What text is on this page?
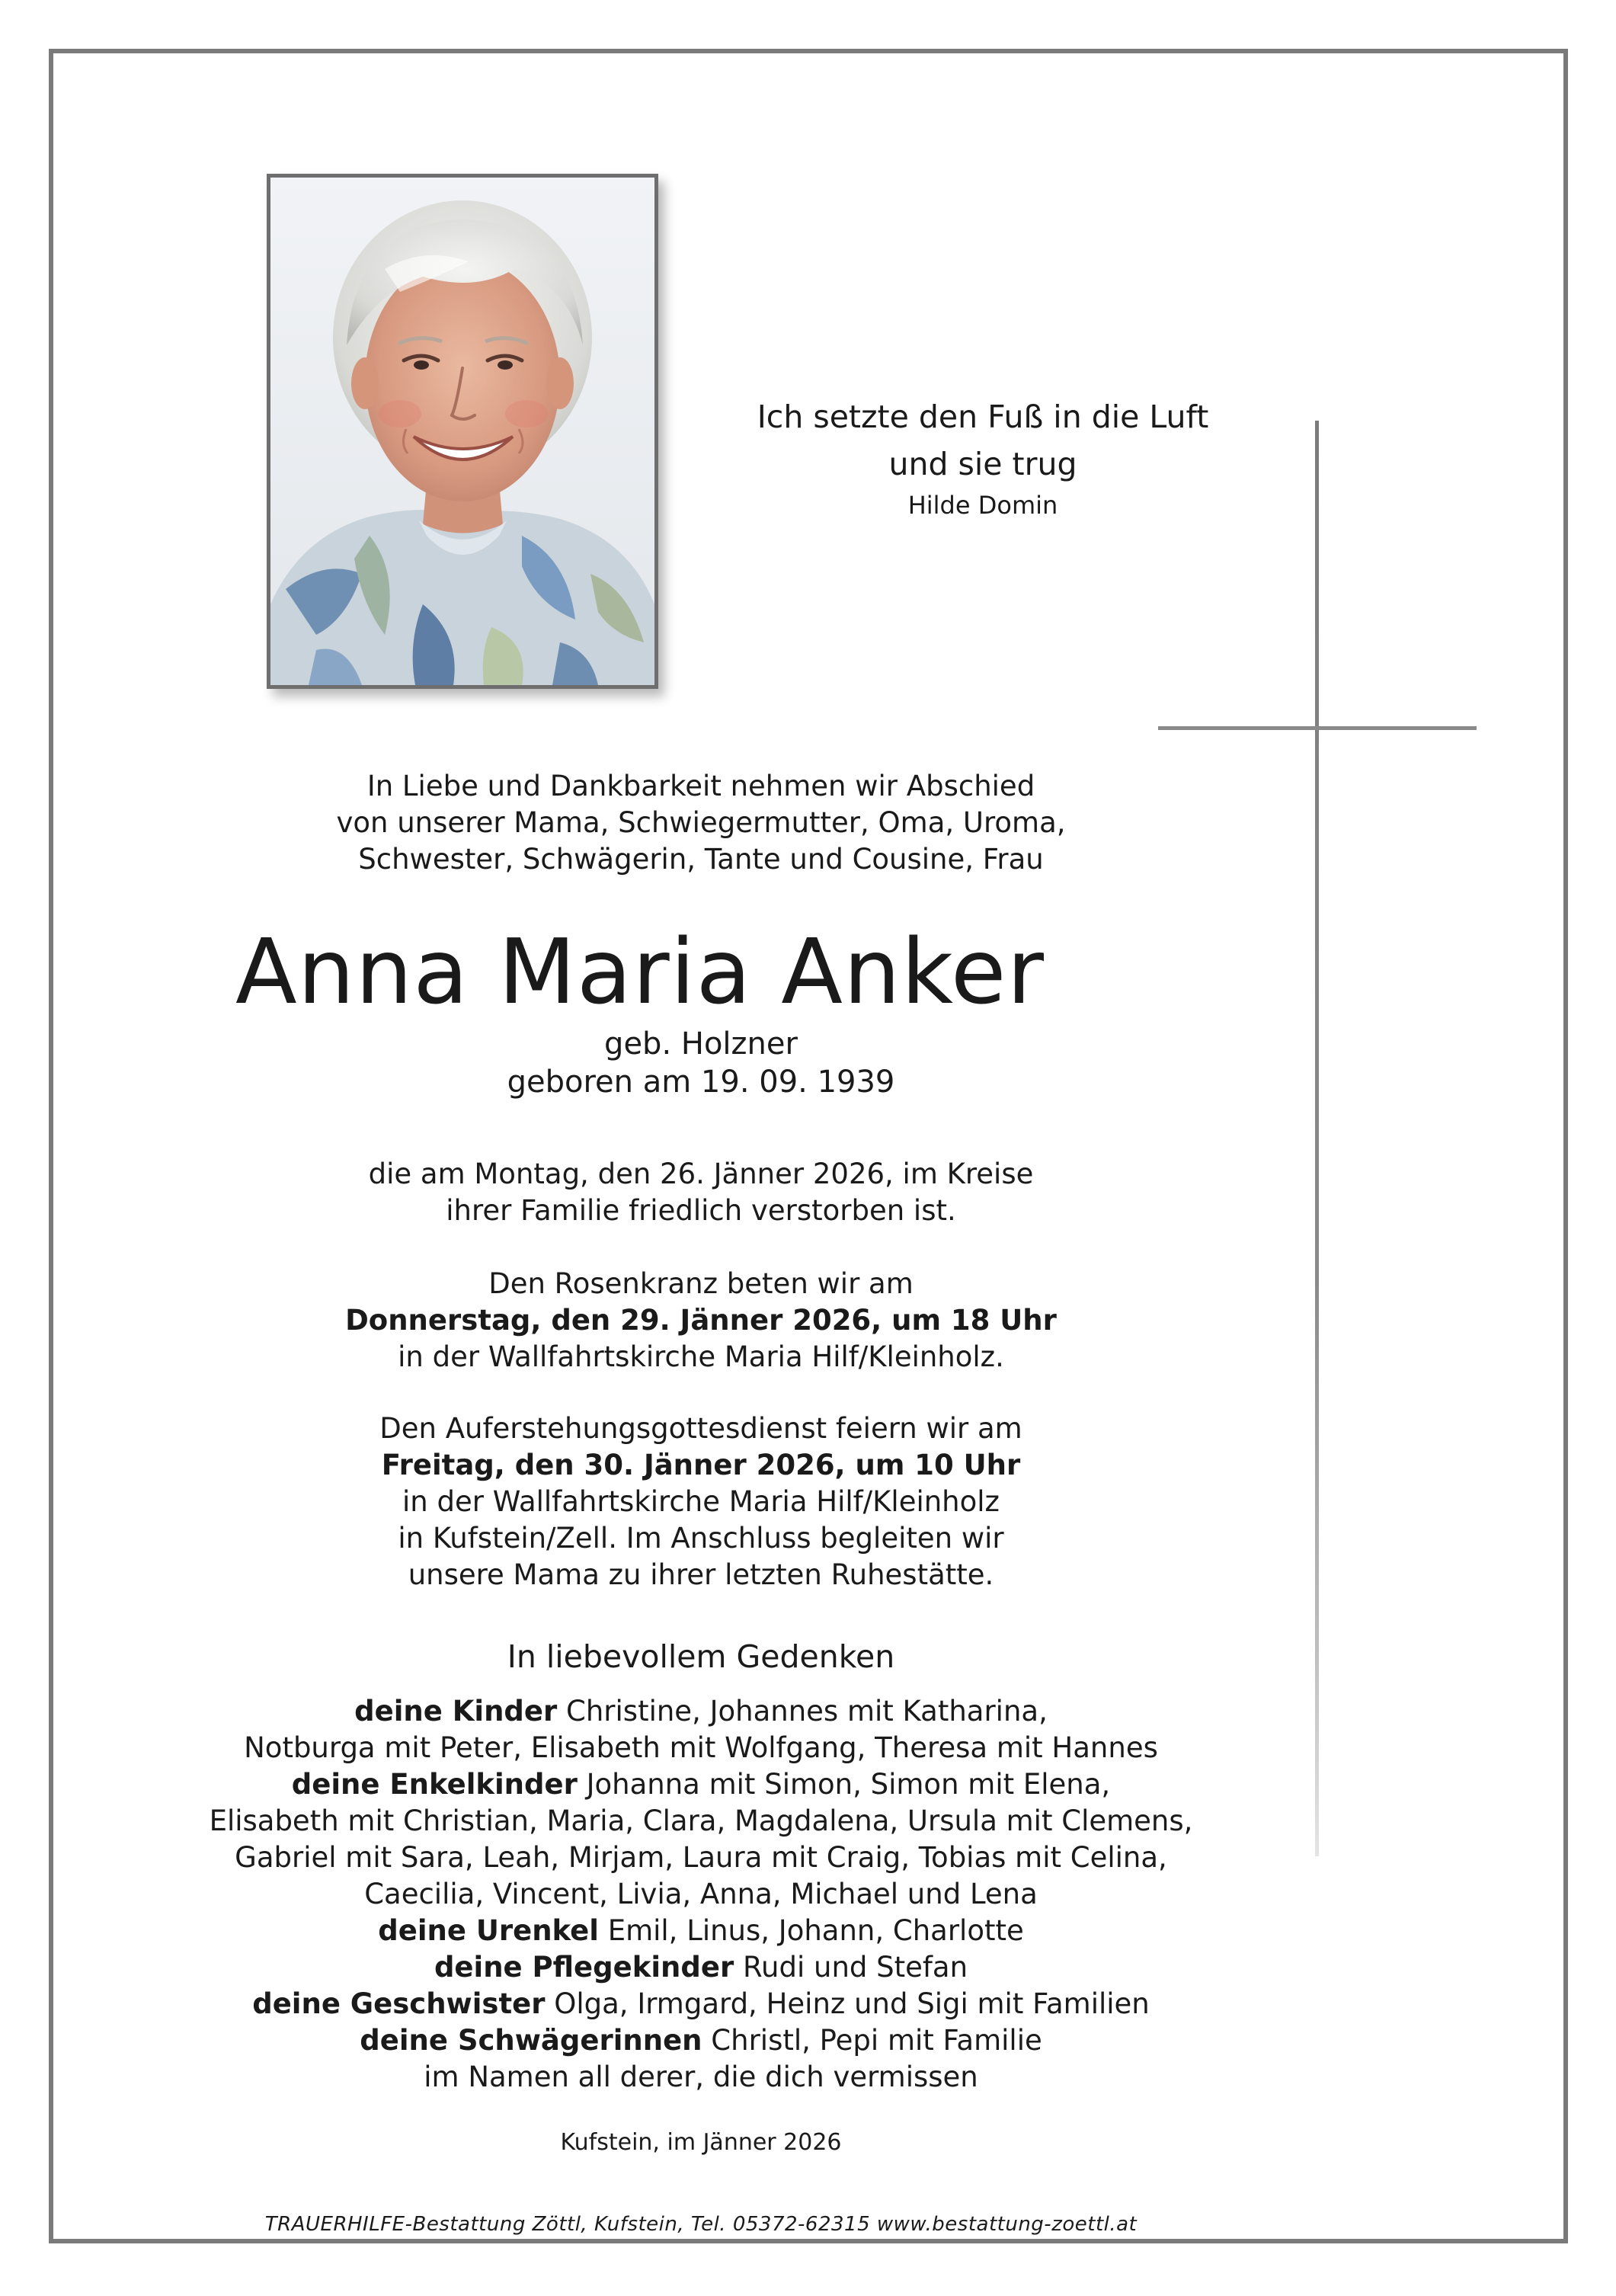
Ich setzte den Fuß in die Luft
und sie trug
Hilde Domin
In Liebe und Dankbarkeit nehmen wir Abschied
von unserer Mama, Schwiegermutter, Oma, Uroma,
Schwester, Schwägerin, Tante und Cousine, Frau
Anna Maria Anker
geb. Holzner
geboren am 19. 09. 1939
die am Montag, den 26. Jänner 2026, im Kreise
ihrer Familie friedlich verstorben ist.
Den Rosenkranz beten wir am
Donnerstag, den 29. Jänner 2026, um 18 Uhr
in der Wallfahrtskirche Maria Hilf/Kleinholz.
Den Auferstehungsgottesdienst feiern wir am
Freitag, den 30. Jänner 2026, um 10 Uhr
in der Wallfahrtskirche Maria Hilf/Kleinholz
in Kufstein/Zell. Im Anschluss begleiten wir
unsere Mama zu ihrer letzten Ruhestätte.
In liebevollem Gedenken
deine Kinder Christine, Johannes mit Katharina,
Notburga mit Peter, Elisabeth mit Wolfgang, Theresa mit Hannes
deine Enkelkinder Johanna mit Simon, Simon mit Elena,
Elisabeth mit Christian, Maria, Clara, Magdalena, Ursula mit Clemens,
Gabriel mit Sara, Leah, Mirjam, Laura mit Craig, Tobias mit Celina,
Caecilia, Vincent, Livia, Anna, Michael und Lena
deine Urenkel Emil, Linus, Johann, Charlotte
deine Pflegekinder Rudi und Stefan
deine Geschwister Olga, Irmgard, Heinz und Sigi mit Familien
deine Schwägerinnen Christl, Pepi mit Familie
im Namen all derer, die dich vermissen
Kufstein, im Jänner 2026
TRAUERHILFE-Bestattung Zöttl, Kufstein, Tel. 05372-62315 www.bestattung-zoettl.at
